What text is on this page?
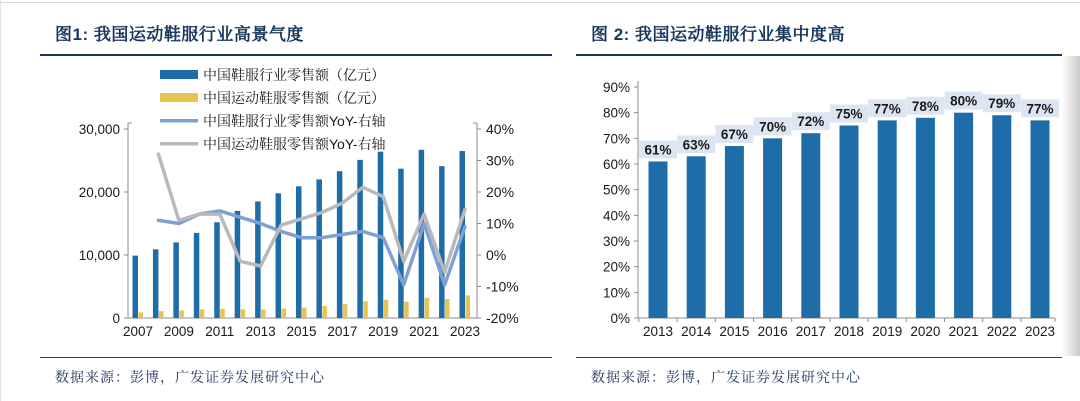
图1: 我国运动鞋服行业高景气度
0
10,000
20,000
30,000	40%
30%
20%
10%
0%
-10%
-20%
2007 2009 2011 2013 2015 2017 2019 2021 2023
中国鞋服行业零售额（亿元）
中国运动鞋服零售额（亿元）
中国鞋服行业零售额YoY-右轴
中国运动鞋服零售额YoY-右轴
数据来源：彭博，广发证券发展研究中心
图 2: 我国运动鞋服行业集中度高
0%
10%
20%
30%
40%
50%
60%
70%
80%
90%
2013 2014 2015 2016 2017 2018 2019 2020 2021 2022 2023
61% 63%
67%
70% 72%
75% 77% 78% 80% 79% 77%
数据来源：彭博，广发证券发展研究中心
